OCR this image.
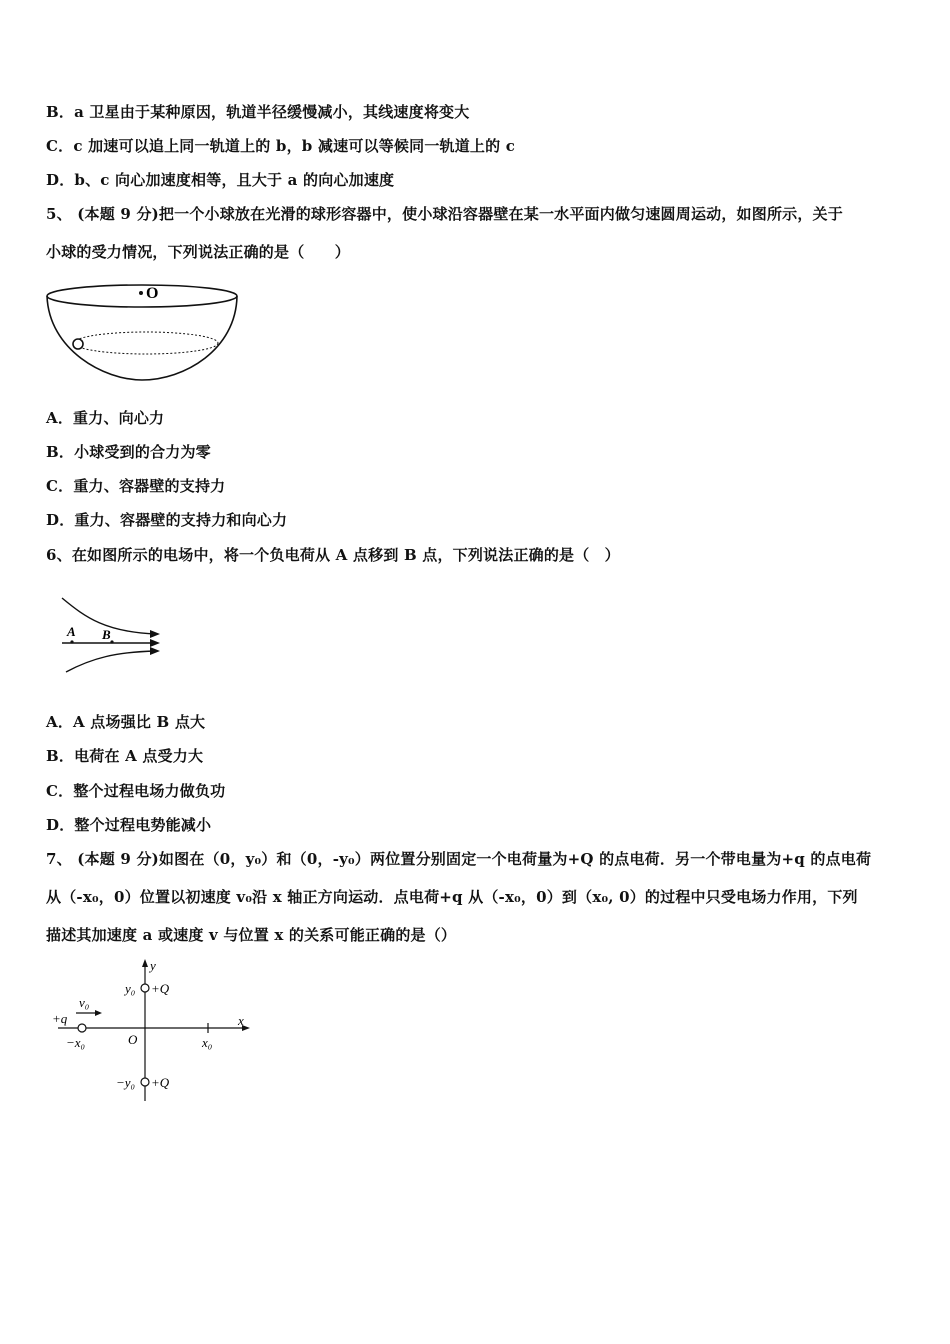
B．a 卫星由于某种原因，轨道半径缓慢减小，其线速度将变大
C．c 加速可以追上同一轨道上的 b，b 减速可以等候同一轨道上的 c
D．b、c 向心加速度相等，且大于 a 的向心加速度
5、 (本题 9 分)把一个小球放在光滑的球形容器中，使小球沿容器壁在某一水平面内做匀速圆周运动，如图所示，关于
小球的受力情况，下列说法正确的是（　　）
O
A．重力、向心力
B．小球受到的合力为零
C．重力、容器壁的支持力
D．重力、容器壁的支持力和向心力
6、在如图所示的电场中，将一个负电荷从 A 点移到 B 点，下列说法正确的是（　）
A B
A．A 点场强比 B 点大
B．电荷在 A 点受力大
C．整个过程电场力做负功
D．整个过程电势能减小
7、 (本题 9 分)如图在（0，y₀）和（0，-y₀）两位置分别固定一个电荷量为+Q 的点电荷．另一个带电量为+q 的点电荷
从（-x₀，0）位置以初速度 v₀沿 x 轴正方向运动．点电荷+q 从（-x₀，0）到（x₀, 0）的过程中只受电场力作用，下列
描述其加速度 a 或速度 v 与位置 x 的关系可能正确的是（）
y
x
O
y₀ +Q
−y₀ +Q
+q
v₀
−x₀	x₀
